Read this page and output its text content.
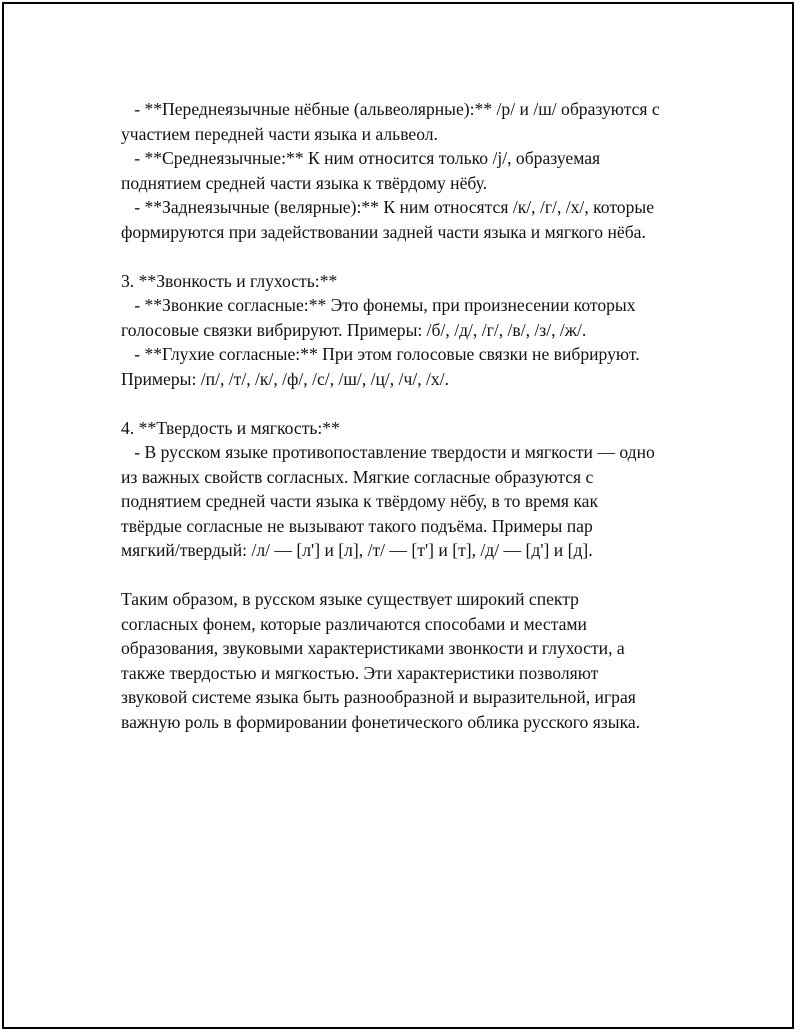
- **Переднеязычные нёбные (альвеолярные):** /р/ и /ш/ образуются с
участием передней части языка и альвеол.
- **Среднеязычные:** К ним относится только /j/, образуемая
поднятием средней части языка к твёрдому нёбу.
- **Заднеязычные (велярные):** К ним относятся /к/, /г/, /х/, которые
формируются при задействовании задней части языка и мягкого нёба.
3. **Звонкость и глухость:**
- **Звонкие согласные:** Это фонемы, при произнесении которых
голосовые связки вибрируют. Примеры: /б/, /д/, /г/, /в/, /з/, /ж/.
- **Глухие согласные:** При этом голосовые связки не вибрируют.
Примеры: /п/, /т/, /к/, /ф/, /с/, /ш/, /ц/, /ч/, /х/.
4. **Твердость и мягкость:**
- В русском языке противопоставление твердости и мягкости — одно
из важных свойств согласных. Мягкие согласные образуются с
поднятием средней части языка к твёрдому нёбу, в то время как
твёрдые согласные не вызывают такого подъёма. Примеры пар
мягкий/твердый: /л/ — [л'] и [л], /т/ — [т'] и [т], /д/ — [д'] и [д].
Таким образом, в русском языке существует широкий спектр
согласных фонем, которые различаются способами и местами
образования, звуковыми характеристиками звонкости и глухости, а
также твердостью и мягкостью. Эти характеристики позволяют
звуковой системе языка быть разнообразной и выразительной, играя
важную роль в формировании фонетического облика русского языка.
